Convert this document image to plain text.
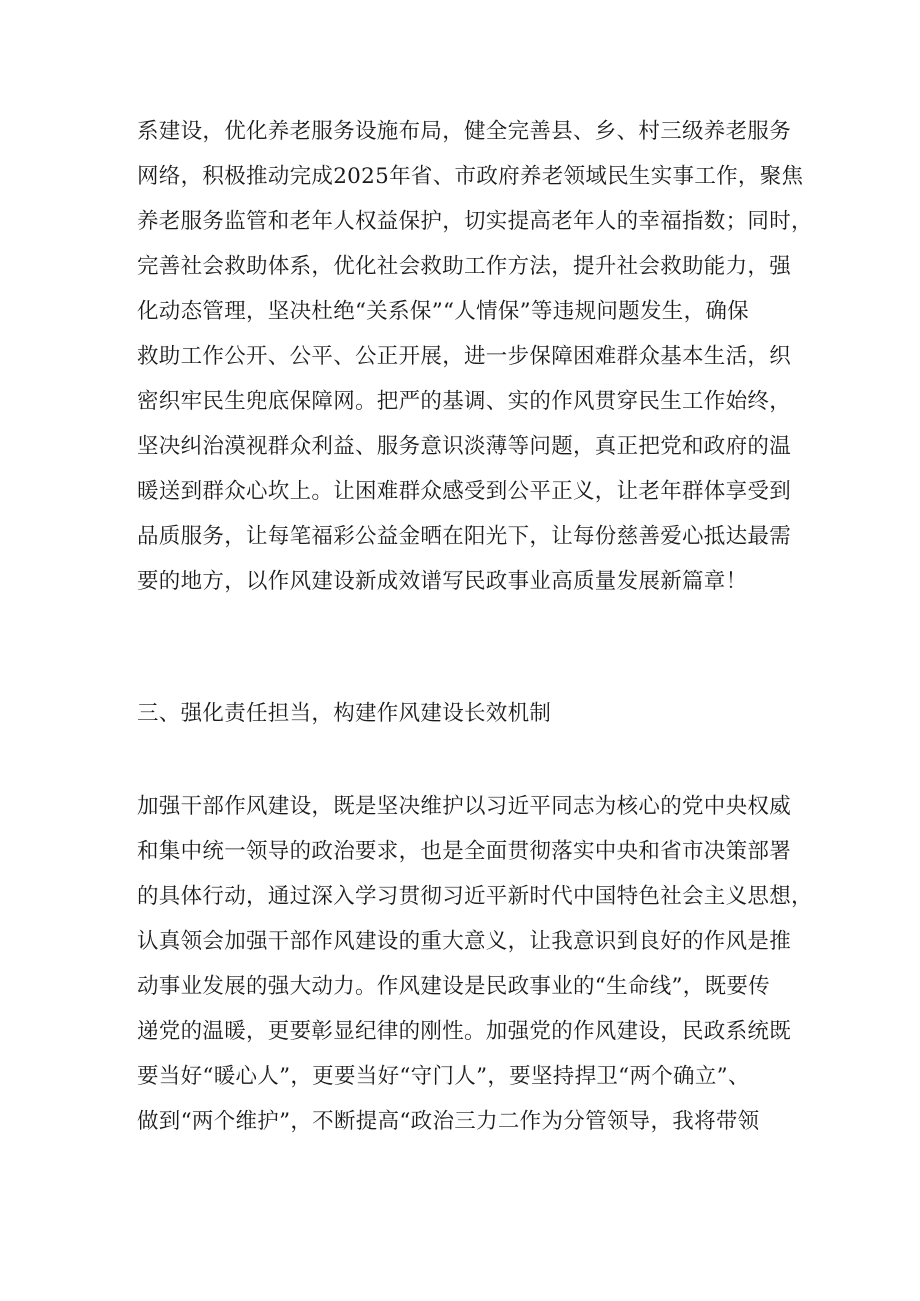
系建设，优化养老服务设施布局，健全完善县、乡、村三级养老服务
网络，积极推动完成2025年省、市政府养老领域民生实事工作，聚焦
养老服务监管和老年人权益保护，切实提高老年人的幸福指数；同时，
完善社会救助体系，优化社会救助工作方法，提升社会救助能力，强
化动态管理，坚决杜绝“关系保”“人情保”等违规问题发生，确保
救助工作公开、公平、公正开展，进一步保障困难群众基本生活，织
密织牢民生兜底保障网。把严的基调、实的作风贯穿民生工作始终，
坚决纠治漠视群众利益、服务意识淡薄等问题，真正把党和政府的温
暖送到群众心坎上。让困难群众感受到公平正义，让老年群体享受到
品质服务，让每笔福彩公益金晒在阳光下，让每份慈善爱心抵达最需
要的地方，以作风建设新成效谱写民政事业高质量发展新篇章！
三、强化责任担当，构建作风建设长效机制
加强干部作风建设，既是坚决维护以习近平同志为核心的党中央权威
和集中统一领导的政治要求，也是全面贯彻落实中央和省市决策部署
的具体行动，通过深入学习贯彻习近平新时代中国特色社会主义思想，
认真领会加强干部作风建设的重大意义，让我意识到良好的作风是推
动事业发展的强大动力。作风建设是民政事业的“生命线”，既要传
递党的温暖，更要彰显纪律的刚性。加强党的作风建设，民政系统既
要当好“暖心人”，更要当好“守门人”，要坚持捍卫“两个确立”、
做到“两个维护”，不断提高“政治三力二作为分管领导，我将带领
